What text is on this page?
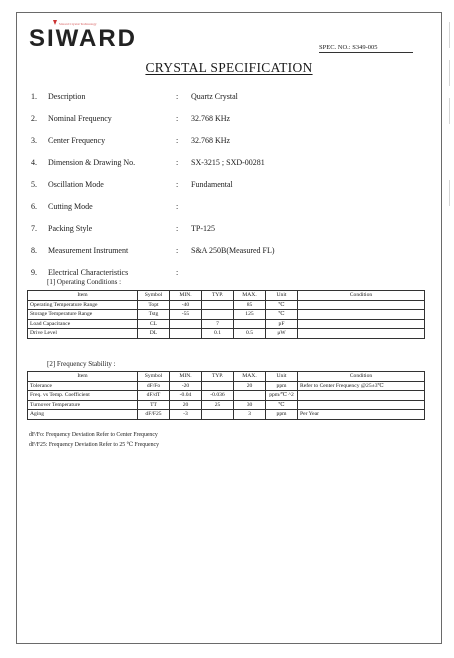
Siward Crystal Technology
SIWARD	SPEC. NO.: S349-005
CRYSTAL SPECIFICATION
1. Description	: Quartz Crystal
2. Nominal Frequency	: 32.768 KHz
3. Center Frequency	: 32.768 KHz
4. Dimension & Drawing No.	: SX-3215 ; SXD-00281
5. Oscillation Mode	: Fundamental
6. Cutting Mode	:
7. Packing Style	: TP-125
8. Measurement Instrument	: S&A 250B(Measured FL)
9. Electrical Characteristics	:
[1] Operating Conditions :
Item	Symbol	MIN.	TYP.	MAX.	Unit	Condition
Operating Temperature Range	Topt	-40		85	℃	
Storage Temperature Range	Tstg	-55		125	℃	
Load Capacitance	CL		7		pF	
Drive Level	DL		0.1	0.5	μW	
[2] Frequency Stability :
Item	Symbol	MIN.	TYP.	MAX.	Unit	Condition
Tolerance	dF/Fo	-20		20	ppm	Refer to Center Frequency @25±3℃
Freq. vs Temp. Coefficient	dF/dT	-0.04	-0.036		ppm/℃ ^2	
Turnover Temperature	TT	20	25	30	℃	
Aging	dF/F25	-3		3	ppm	Per Year
dF/Fo: Frequency Deviation Refer to Center Frequency
dF/F25: Frequency Deviation Refer to 25 ℃ Frequency
